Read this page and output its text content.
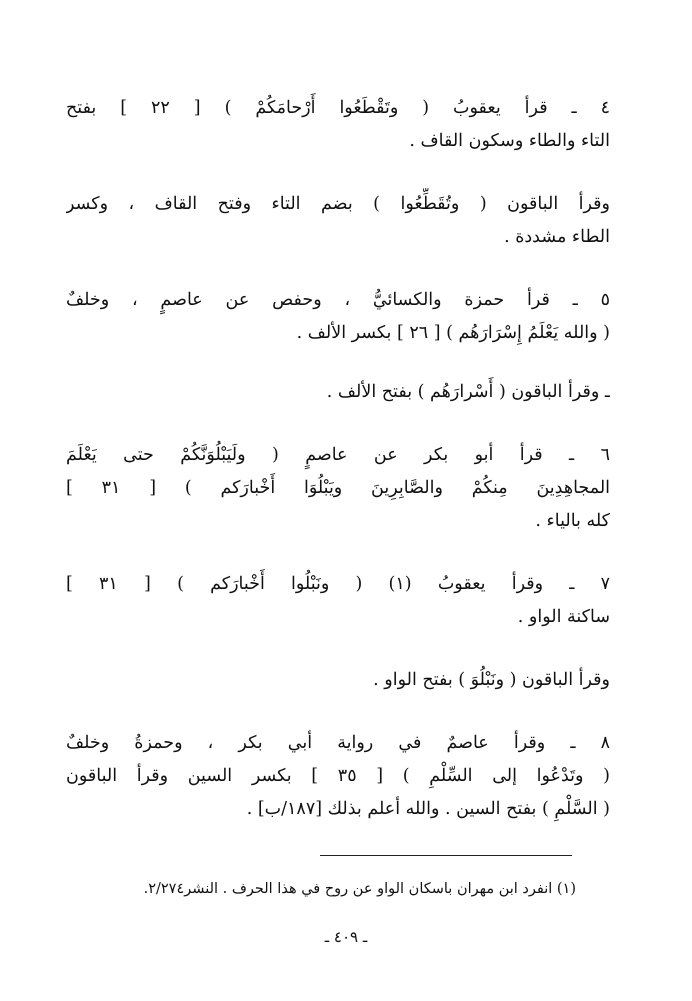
٤ ـ قرأ يعقوبُ ( وتَقْطَعُوا أَرْحامَكُمْ ) [ ٢٢ ] بفتح
التاء والطاء وسكون القاف .
وقرأ الباقون ( وتُقَطِّعُوا ) بضم التاء وفتح القاف ، وكسر
الطاء مشددة .
٥ ـ قرأ حمزة والكسائيُّ ، وحفص عن عاصمٍ ، وخلفٌ
( والله يَعْلَمُ إِسْرَارَهُم ) [ ٢٦ ] بكسر الألف .
ـ وقرأ الباقون ( أَسْرارَهُم ) بفتح الألف .
٦ ـ قرأ أبو بكر عن عاصمٍ ( ولَيَبْلُوَنَّكُمْ حتى يَعْلَمَ
المجاهِدِينَ مِنكُمْ والصَّابِرِينَ ويَبْلُوَا أَخْبارَكم ) [ ٣١ ]
كله بالياء .
٧ ـ وقرأ يعقوبُ (١) ( ونَبْلُوا أَخْبارَكم ) [ ٣١ ]
ساكنة الواو .
وقرأ الباقون ( ونَبْلُوَ ) بفتح الواو .
٨ ـ وقرأ عاصمٌ في رواية أبي بكر ، وحمزةُ وخلفٌ
( وتَدْعُوا إلى السِّلْمِ ) [ ٣٥ ] بكسر السين وقرأ الباقون
( السَّلْمِ ) بفتح السين . والله أعلم بذلك [١٨٧/ب] .
(١) انفرد ابن مهران باسكان الواو عن روح في هذا الحرف . النشر٢/٢٧٤.
ـ ٤٠٩ ـ
